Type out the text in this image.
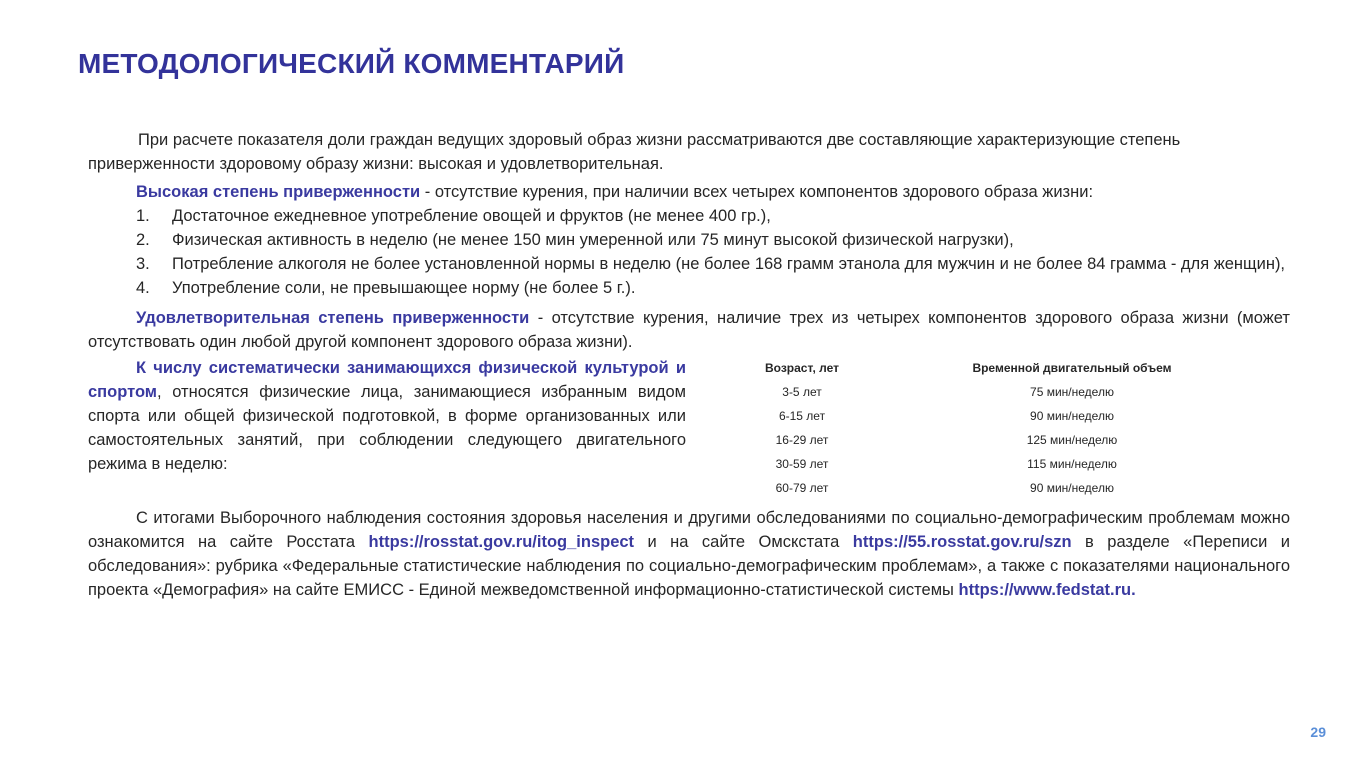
МЕТОДОЛОГИЧЕСКИЙ КОММЕНТАРИЙ

При расчете показателя доли граждан ведущих здоровый образ жизни рассматриваются две составляющие характеризующие степень приверженности здоровому образу жизни: высокая и удовлетворительная.

Высокая степень приверженности - отсутствие курения, при наличии всех четырех компонентов здорового образа жизни:
1.	Достаточное ежедневное употребление овощей и фруктов (не менее 400 гр.),
2.	Физическая активность в неделю (не менее 150 мин умеренной или 75 минут высокой физической нагрузки),
3.	Потребление алкоголя не более установленной нормы в неделю (не более 168 грамм этанола для мужчин и не более 84 грамма - для женщин),
4.	Употребление соли, не превышающее норму (не более 5 г.).

Удовлетворительная степень приверженности - отсутствие курения, наличие трех из четырех компонентов здорового образа жизни (может отсутствовать один любой другой компонент здорового образа жизни).

К числу систематически занимающихся физической культурой и спортом, относятся физические лица, занимающиеся избранным видом спорта или общей физической подготовкой, в форме организованных или самостоятельных занятий, при соблюдении следующего двигательного режима в неделю:

Возраст, лет	Временной двигательный объем
3-5 лет	75 мин/неделю
6-15 лет	90 мин/неделю
16-29 лет	125 мин/неделю
30-59 лет	115 мин/неделю
60-79 лет	90 мин/неделю

С итогами Выборочного наблюдения состояния здоровья населения и другими обследованиями по социально-демографическим проблемам можно ознакомится на сайте Росстата https://rosstat.gov.ru/itog_inspect и на сайте Омскстата https://55.rosstat.gov.ru/szn в разделе «Переписи и обследования»: рубрика «Федеральные статистические наблюдения по социально-демографическим проблемам», а также с показателями национального проекта «Демография» на сайте ЕМИСС - Единой межведомственной информационно-статистической системы https://www.fedstat.ru.

29
